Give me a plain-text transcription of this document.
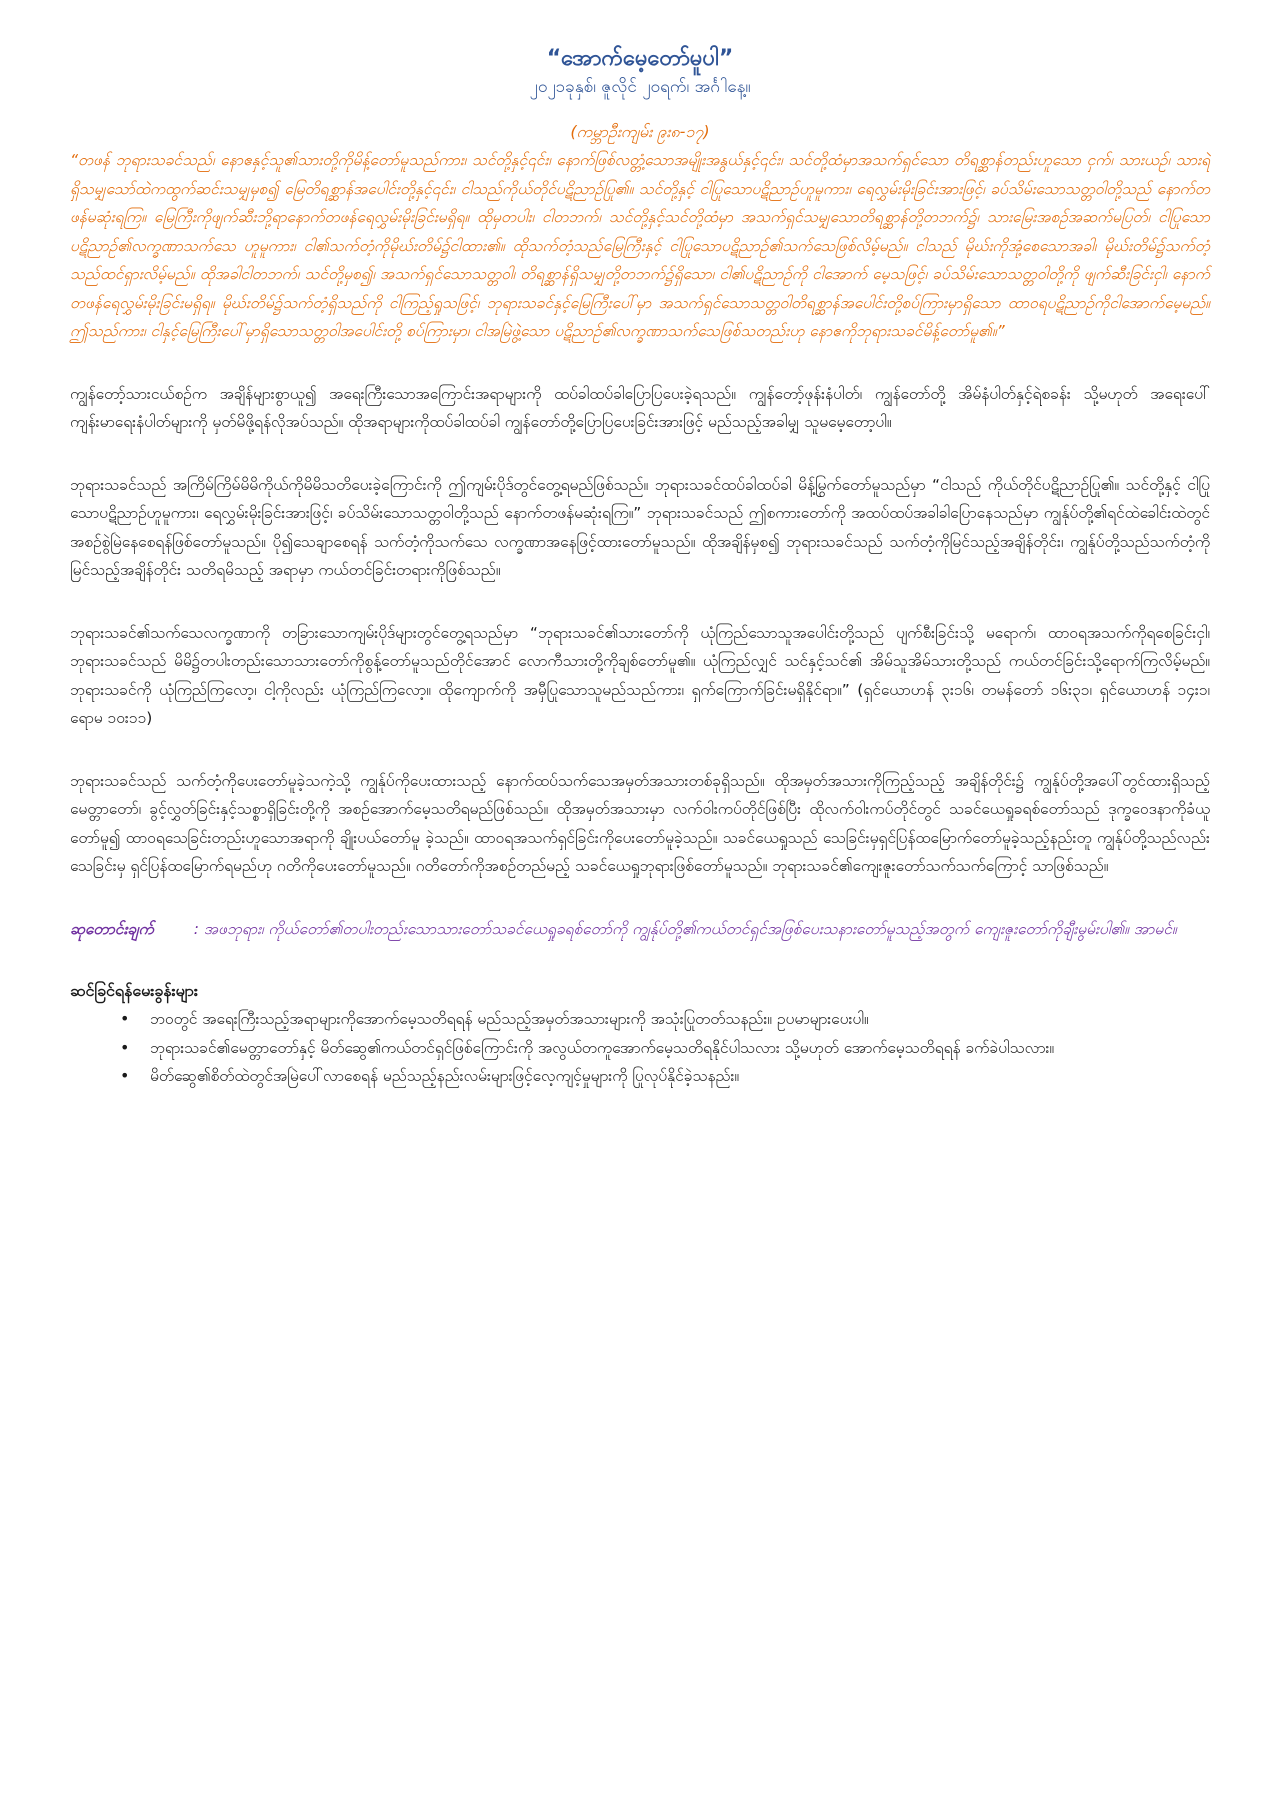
“အောက်မေ့တော်မူပါ”

၂၀၂၁ခုနှစ်၊ ဇူလိုင် ၂၀ရက်၊ အင်္ဂါနေ့။

(ကမ္ဘာဦးကျမ်း ၉း၈-၁၇)

“တဖန် ဘုရားသခင်သည်၊ နောဧနှင့်သူ၏သားတို့ကိုမိန့်တော်မူသည်ကား၊ သင်တို့နှင့်၎င်း၊ နောက်ဖြစ်လတ္တံ့သောအမျိုးအနွယ်နှင့်၎င်း၊ သင်တို့ထံမှာအသက်ရှင်သော တိရစ္ဆာန်တည်းဟူသော ငှက်၊ သားယဉ်၊ သားရဲရှိသမျှသော်ထဲကထွက်ဆင်းသမျှမှစ၍ မြေတိရစ္ဆာန်အပေါင်းတို့နှင့်၎င်း၊ ငါသည်ကိုယ်တိုင်ပဋိညာဉ်ပြု၏။ သင်တို့နှင့် ငါပြုသောပဋိညာဉ်ဟူမူကား၊ ရေလွှမ်းမိုးခြင်းအားဖြင့်၊ ခပ်သိမ်းသောသတ္တဝါတို့သည် နောက်တဖန်မဆုံးရကြ။ မြေကြီးကိုဖျက်ဆီးဘို့ရာနောက်တဖန်ရေလွှမ်းမိုးခြင်းမရှိရ။ ထိုမှတပါး၊ ငါတဘက်၊ သင်တို့နှင့်သင်တို့ထံမှာ အသက်ရှင်သမျှသောတိရစ္ဆာန်တို့တဘက်၌၊ သားမြေးအစဉ်အဆက်မပြတ်၊ ငါပြုသောပဋိညာဉ်၏လက္ခဏာသက်သေ ဟူမူကား၊ ငါ၏သက်တံ့ကိုမိုဃ်းတိမ်၌ငါထား၏။ ထိုသက်တံ့သည်မြေကြီးနှင့် ငါပြုသောပဋိညာဉ်၏သက်သေဖြစ်လိမ့်မည်။ ငါသည် မိုဃ်းကိုအုံ့စေသောအခါ၊ မိုဃ်းတိမ်၌သက်တံ့သည်ထင်ရှားလိမ့်မည်။ ထိုအခါငါတဘက်၊ သင်တို့မှစ၍၊ အသက်ရှင်သောသတ္တဝါ၊ တိရစ္ဆာန်ရှိသမျှတို့တဘက်၌ရှိသော၊ ငါ၏ပဋိညာဉ်ကို ငါအောက် မေ့သဖြင့်၊ ခပ်သိမ်းသောသတ္တဝါတို့ကို ဖျက်ဆီးခြင်းငှါ၊ နောက်တဖန်ရေလွှမ်းမိုးခြင်းမရှိရ။ မိုဃ်းတိမ်၌သက်တံ့ရှိသည်ကို ငါကြည့်ရှုသဖြင့်၊ ဘုရားသခင်နှင့်မြေကြီးပေါ်မှာ အသက်ရှင်သောသတ္တဝါတိရစ္ဆာန်အပေါင်းတို့စပ်ကြားမှာရှိသော ထာဝရပဋိညာဉ်ကိုငါအောက်မေ့မည်။ ဤသည်ကား၊ ငါနှင့်မြေကြီးပေါ်မှာရှိသောသတ္တဝါအပေါင်းတို့ စပ်ကြားမှာ၊ ငါအမြဲဖွဲ့သော ပဋိညာဉ်၏လက္ခဏာသက်သေဖြစ်သတည်းဟု နောဧကိုဘုရားသခင်မိန့်တော်မူ၏။”

ကျွန်တော့်သားငယ်စဉ်က အချိန်များစွာယူ၍ အရေးကြီးသောအကြောင်းအရာများကို ထပ်ခါထပ်ခါပြောပြပေးခဲ့ရသည်။ ကျွန်တော့်ဖုန်းနံပါတ်၊ ကျွန်တော်တို့ အိမ်နံပါတ်နှင့်ရဲစခန်း သို့မဟုတ် အရေးပေါ်ကျန်းမာရေးနံပါတ်များကို မှတ်မိဖို့ရန်လိုအပ်သည်။ ထိုအရာများကိုထပ်ခါထပ်ခါ ကျွန်တော်တို့ပြောပြပေးခြင်းအားဖြင့် မည်သည့်အခါမျှ သူမမေ့တော့ပါ။

ဘုရားသခင်သည် အကြိမ်ကြိမ်မိမိကိုယ်ကိုမိမိသတိပေးခဲ့ကြောင်းကို ဤကျမ်းပိုဒ်တွင်တွေ့ရမည်ဖြစ်သည်။ ဘုရားသခင်ထပ်ခါထပ်ခါ မိန့်မြွက်တော်မူသည်မှာ “ငါသည် ကိုယ်တိုင်ပဋိညာဉ်ပြု၏။ သင်တို့နှင့် ငါပြုသောပဋိညာဉ်ဟူမူကား၊ ရေလွှမ်းမိုးခြင်းအားဖြင့်၊ ခပ်သိမ်းသောသတ္တဝါတို့သည် နောက်တဖန်မဆုံးရကြ။” ဘုရားသခင်သည် ဤစကားတော်ကို အထပ်ထပ်အခါခါပြောနေသည်မှာ ကျွန်ုပ်တို့၏ရင်ထဲခေါင်းထဲတွင်အစဉ်စွဲမြဲနေစေရန်ဖြစ်တော်မူသည်။ ပို၍သေချာစေရန် သက်တံ့ကိုသက်သေ လက္ခဏာအနေဖြင့်ထားတော်မူသည်။ ထိုအချိန်မှစ၍ ဘုရားသခင်သည် သက်တံ့ကိုမြင်သည့်အချိန်တိုင်း၊ ကျွန်ုပ်တို့သည်သက်တံ့ကိုမြင်သည့်အချိန်တိုင်း သတိရမိသည့် အရာမှာ ကယ်တင်ခြင်းတရားကိုဖြစ်သည်။

ဘုရားသခင်၏သက်သေလက္ခဏာကို တခြားသောကျမ်းပိုဒ်များတွင်တွေ့ရသည်မှာ “ဘုရားသခင်၏သားတော်ကို ယုံကြည်သောသူအပေါင်းတို့သည် ပျက်စီးခြင်းသို့ မရောက်၊ ထာဝရအသက်ကိုရစေခြင်းငှါ၊ ဘုရားသခင်သည် မိမိ၌တပါးတည်းသောသားတော်ကိုစွန့်တော်မူသည်တိုင်အောင် လောကီသားတို့ကိုချစ်တော်မူ၏။ ယုံကြည်လျှင် သင်နှင့်သင်၏ အိမ်သူအိမ်သားတို့သည် ကယ်တင်ခြင်းသို့ရောက်ကြလိမ့်မည်။ ဘုရားသခင်ကို ယုံကြည်ကြလော့၊ ငါ့ကိုလည်း ယုံကြည်ကြလော့။ ထိုကျောက်ကို အမှီပြုသောသူမည်သည်ကား၊ ရှက်ကြောက်ခြင်းမရှိနိုင်ရာ။” (ရှင်ယောဟန် ၃း၁၆၊ တမန်တော် ၁၆း၃၁၊ ရှင်ယောဟန် ၁၄း၁၊ ရောမ ၁၀း၁၁)

ဘုရားသခင်သည် သက်တံ့ကိုပေးတော်မူခဲ့သကဲ့သို့ ကျွန်ုပ်ကိုပေးထားသည့် နောက်ထပ်သက်သေအမှတ်အသားတစ်ခုရှိသည်။ ထိုအမှတ်အသားကိုကြည့်သည့် အချိန်တိုင်း၌ ကျွန်ုပ်တို့အပေါ်တွင်ထားရှိသည့်မေတ္တာတော်၊ ခွင့်လွှတ်ခြင်းနှင့်သစ္စာရှိခြင်းတို့ကို အစဉ်အောက်မေ့သတိရမည်ဖြစ်သည်။ ထိုအမှတ်အသားမှာ လက်ဝါးကပ်တိုင်ဖြစ်ပြီး ထိုလက်ဝါးကပ်တိုင်တွင် သခင်ယေရှုခရစ်တော်သည် ဒုက္ခဝေဒနာကိုခံယူတော်မူ၍ ထာဝရသေခြင်းတည်းဟူသောအရာကို ချိုးပယ်တော်မူ ခဲ့သည်။ ထာဝရအသက်ရှင်ခြင်းကိုပေးတော်မူခဲ့သည်။ သခင်ယေရှုသည် သေခြင်းမှရှင်ပြန်ထမြောက်တော်မူခဲ့သည့်နည်းတူ ကျွန်ုပ်တို့သည်လည်း သေခြင်းမှ ရှင်ပြန်ထမြောက်ရမည်ဟု ဂတိကိုပေးတော်မူသည်။ ဂတိတော်ကိုအစဉ်တည်မည့် သခင်ယေရှုဘုရားဖြစ်တော်မူသည်။ ဘုရားသခင်၏ကျေးဇူးတော်သက်သက်ကြောင့် သာဖြစ်သည်။

ဆုတောင်းချက်	: အဖဘုရား၊ ကိုယ်တော်၏တပါးတည်းသောသားတော်သခင်ယေရှုခရစ်တော်ကို ကျွန်ုပ်တို့၏ကယ်တင်ရှင်အဖြစ်ပေးသနားတော်မူသည့်အတွက် ကျေးဇူးတော်ကိုချီးမွမ်းပါ၏။ အာမင်။

ဆင်ခြင်ရန်မေးခွန်းများ

• ဘဝတွင် အရေးကြီးသည့်အရာများကိုအောက်မေ့သတိရရန် မည်သည့်အမှတ်အသားများကို အသုံးပြုတတ်သနည်း။ ဥပမာများပေးပါ။
• ဘုရားသခင်၏မေတ္တာတော်နှင့် မိတ်ဆွေ၏ကယ်တင်ရှင်ဖြစ်ကြောင်းကို အလွယ်တကူအောက်မေ့သတိရနိုင်ပါသလား သို့မဟုတ် အောက်မေ့သတိရရန် ခက်ခဲပါသလား။
• မိတ်ဆွေ၏စိတ်ထဲတွင်အမြဲပေါ်လာစေရန် မည်သည့်နည်းလမ်းများဖြင့်လေ့ကျင့်မှုများကို ပြုလုပ်နိုင်ခဲ့သနည်း။
